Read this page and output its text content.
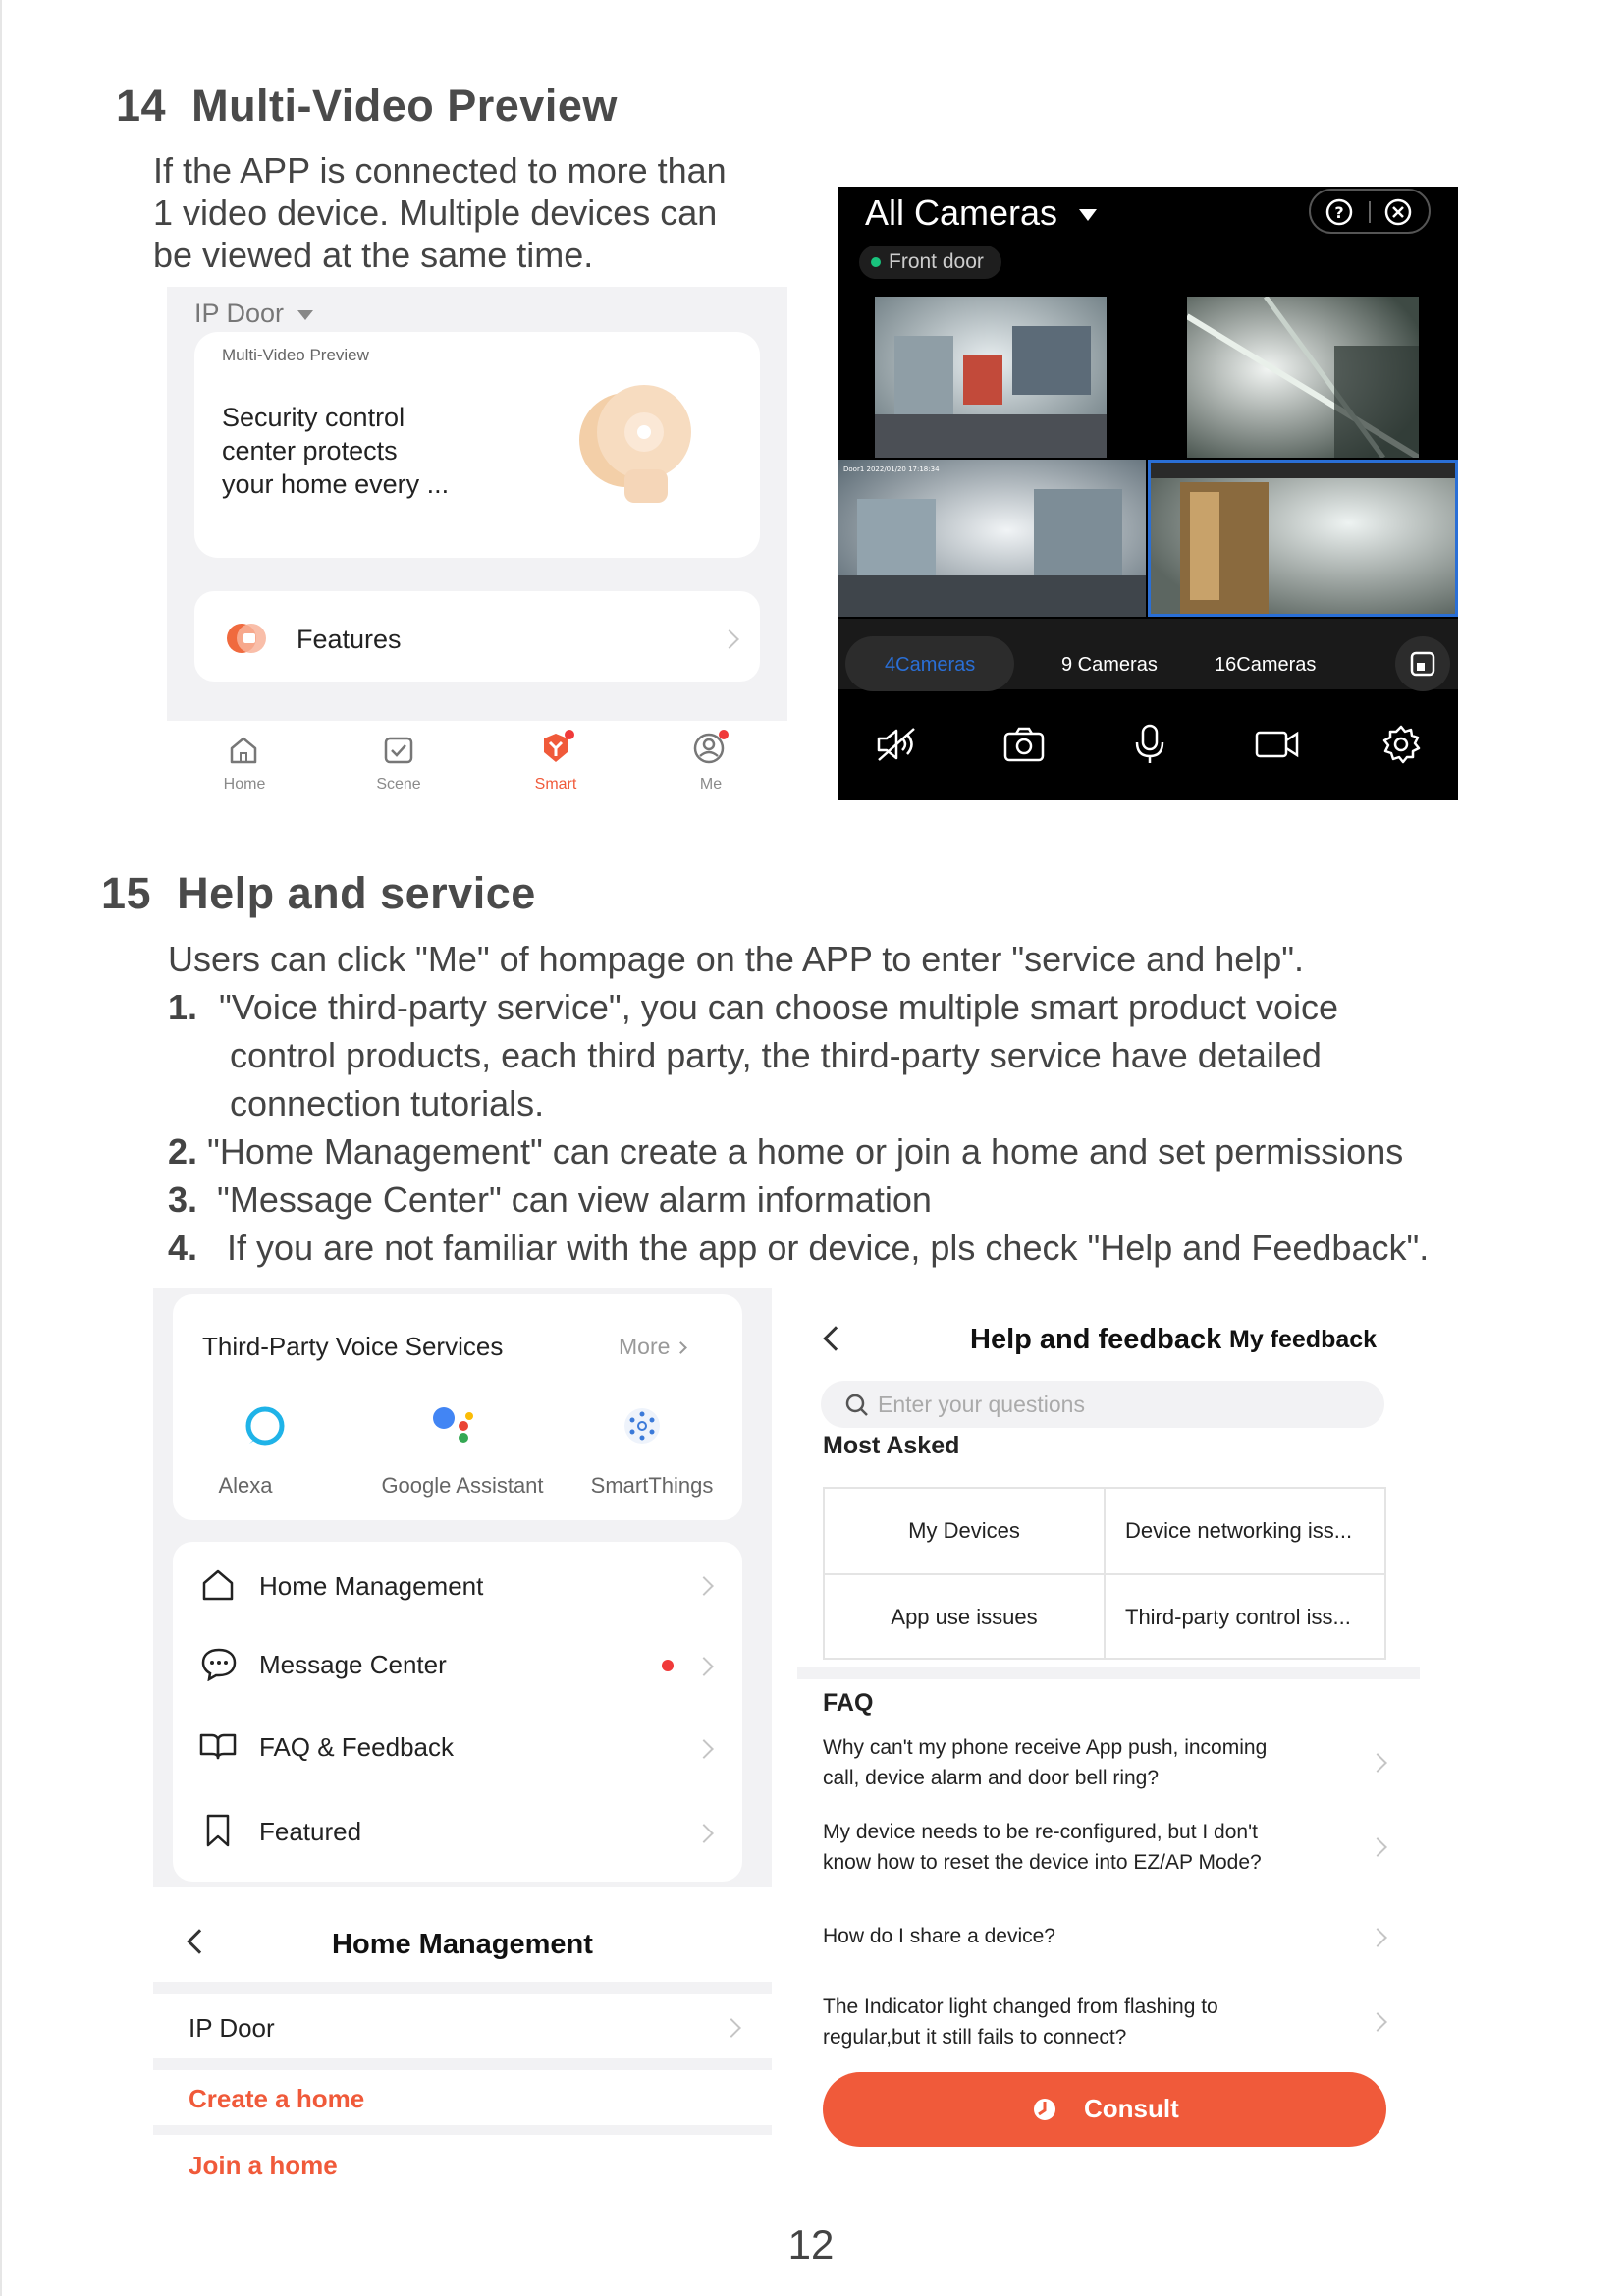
14 Multi-Video Preview
If the APP is connected to more than
1 video device. Multiple devices can
be viewed at the same time.
IP Door
Multi-Video Preview
Security control
center protects
your home every ...
Features
Home	Scene	Smart	Me
All Cameras	?
Front door
Door1 2022/01/20 17:18:34
4Cameras	9 Cameras	16Cameras
15 Help and service
Users can click "Me" of hompage on the APP to enter "service and help".
1. "Voice third-party service", you can choose multiple smart product voice
control products, each third party, the third-party service have detailed
connection tutorials.
2. "Home Management" can create a home or join a home and set permissions
3. "Message Center" can view alarm information
4. If you are not familiar with the app or device, pls check "Help and Feedback".
Third-Party Voice Services	More
Alexa	Google Assistant	SmartThings
Home Management
Message Center
FAQ & Feedback
Featured
Home Management
IP Door
Create a home
Join a home
Help and feedback My feedback
Enter your questions
Most Asked
My Devices	Device networking iss...
App use issues	Third-party control iss...
FAQ
Why can't my phone receive App push, incoming
call, device alarm and door bell ring?
My device needs to be re-configured, but I don't
know how to reset the device into EZ/AP Mode?
How do I share a device?
The Indicator light changed from flashing to
regular,but it still fails to connect?
Consult
12
